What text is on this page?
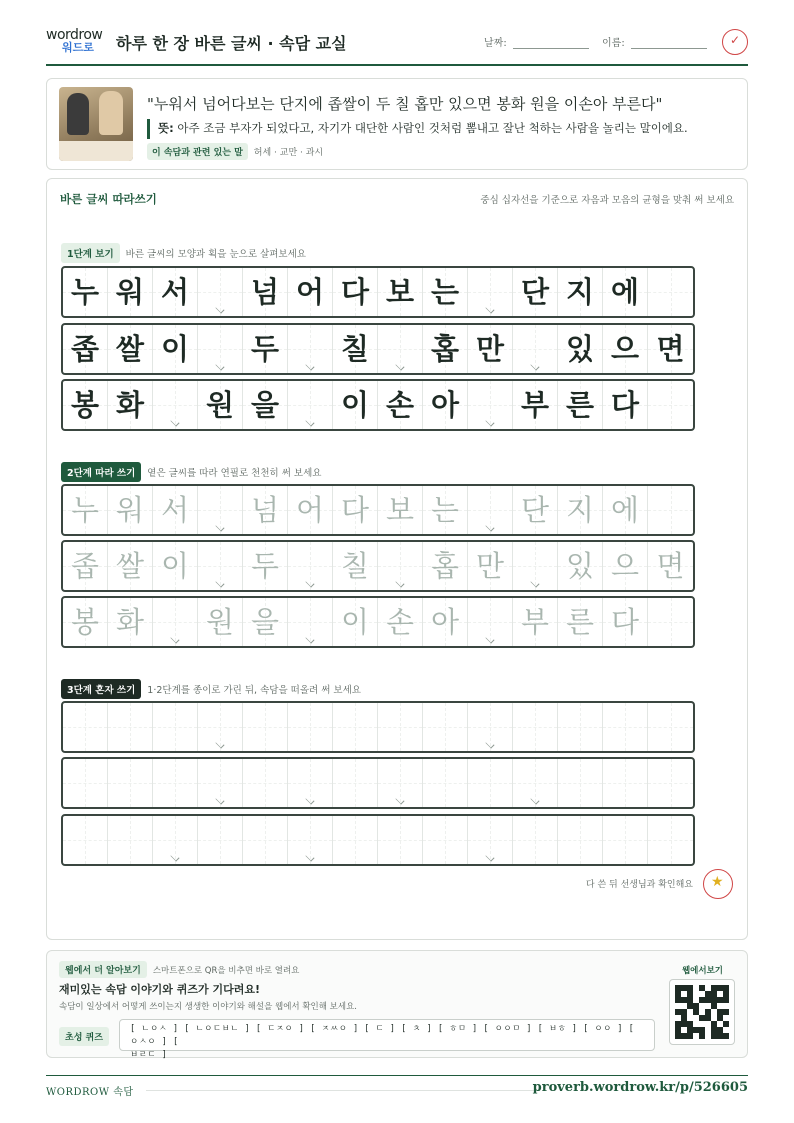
wordrow
워드로	하루 한 장 바른 글씨 · 속담 교실	날짜:	이름:
✓
"누워서 넘어다보는 단지에 좁쌀이 두 칠 홉만 있으면 봉화 원을 이손아 부른다"
뜻: 아주 조금 부자가 되었다고, 자기가 대단한 사람인 것처럼 뽐내고 잘난 척하는 사람을 놀리는 말이에요.
이 속담과 관련 있는 말 허세 · 교만 · 과시
바른 글씨 따라쓰기	중심 십자선을 기준으로 자음과 모음의 균형을 맞춰 써 보세요
1단계 보기 바른 글씨의 모양과 획을 눈으로 살펴보세요
누 워 서 넘 어 다 보 는 단 지 에
좁 쌀 이 두 칠 홉 만 있 으 면
봉 화 원 을 이 손 아 부 른 다
2단계 따라 쓰기 옅은 글씨를 따라 연필로 천천히 써 보세요
누 워 서 넘 어 다 보 는 단 지 에
좁 쌀 이 두 칠 홉 만 있 으 면
봉 화 원 을 이 손 아 부 른 다
3단계 혼자 쓰기 1·2단계를 종이로 가린 뒤, 속담을 떠올려 써 보세요
다 쓴 뒤 선생님과 확인해요 ★
웹에서 더 알아보기 스마트폰으로 QR을 비추면 바로 열려요
재미있는 속담 이야기와 퀴즈가 기다려요!
속담이 일상에서 어떻게 쓰이는지 생생한 이야기와 해설을 웹에서 확인해 보세요.
초성 퀴즈
[ ㄴㅇㅅ ] [ ㄴㅇㄷㅂㄴ ] [ ㄷㅈㅇ ] [ ㅈㅆㅇ ] [ ㄷ ] [ ㅊ ] [ ㅎㅁ ] [ ㅇㅇㅁ ] [ ㅂㅎ ] [ ㅇㅇ ] [ ㅇㅅㅇ ] [
ㅂㄹㄷ ]
웹에서보기
WORDROW 속담	proverb.wordrow.kr/p/526605
